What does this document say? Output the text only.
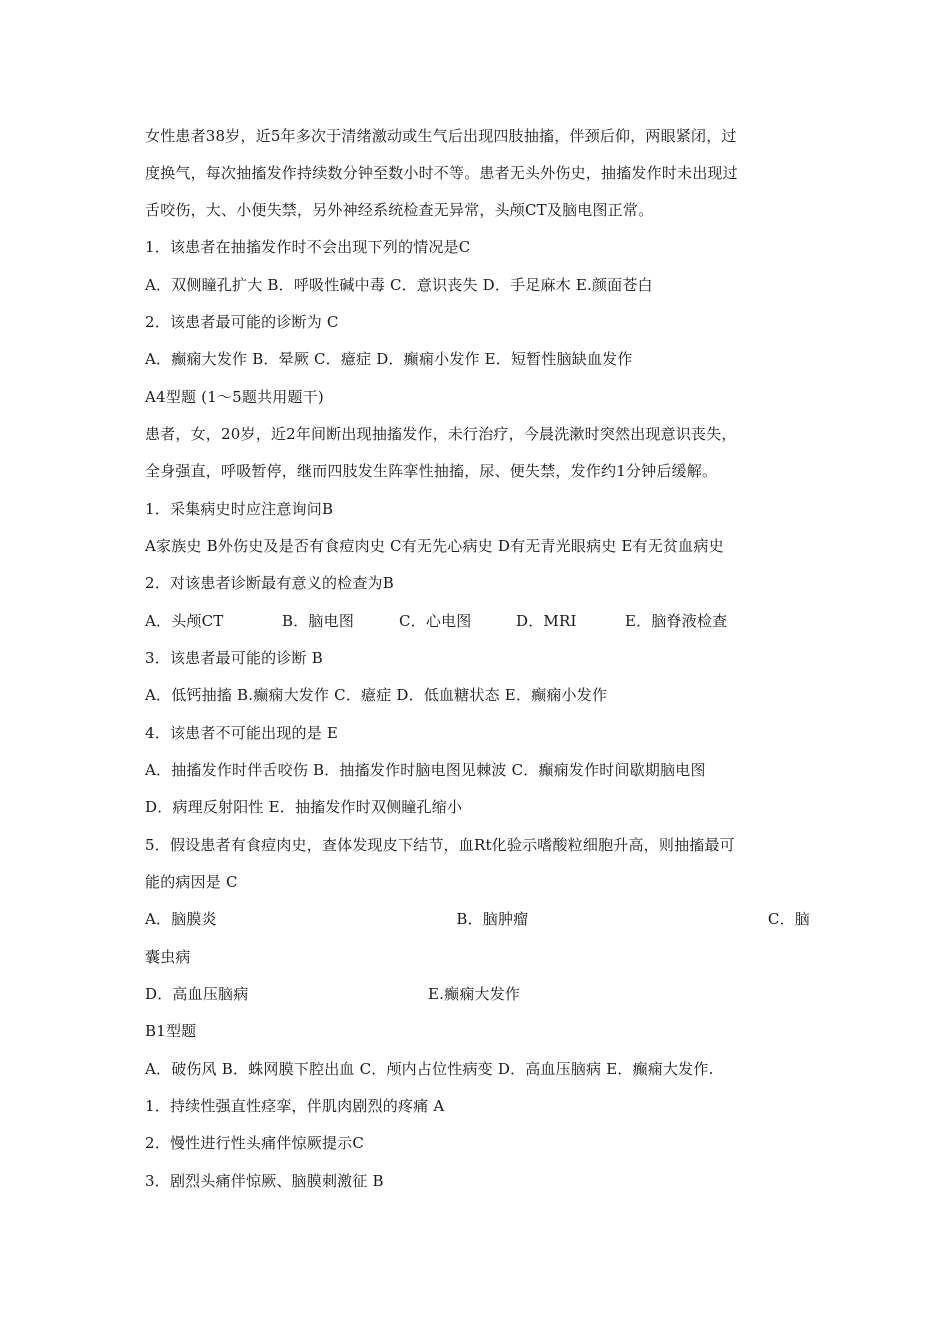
女性患者38岁，近5年多次于清绪激动或生气后出现四肢抽搐，伴颈后仰，两眼紧闭，过
度换气，每次抽搐发作持续数分钟至数小时不等。患者无头外伤史，抽搐发作时未出现过
舌咬伤，大、小便失禁，另外神经系统检查无异常，头颅CT及脑电图正常。
1．该患者在抽搐发作时不会出现下列的情况是C
A．双侧瞳孔扩大 B．呼吸性碱中毒 C．意识丧失 D．手足麻木 E.颜面苍白
2．该患者最可能的诊断为 C
A．癫痫大发作 B．晕厥 C．癔症 D．癫痫小发作 E．短暂性脑缺血发作
A4型题 (1～5题共用题干)
患者，女，20岁，近2年间断出现抽搐发作，未行治疗，今晨洗漱时突然出现意识丧失，
全身强直，呼吸暂停，继而四肢发生阵挛性抽搐，尿、便失禁，发作约1分钟后缓解。
1．采集病史时应注意询问B
A家族史 B外伤史及是否有食痘肉史 C有无先心病史 D有无青光眼病史 E有无贫血病史
2．对该患者诊断最有意义的检查为B
A．头颅CT	B．脑电图	C．心电图	D．MRI	E．脑脊液检查
3．该患者最可能的诊断 B
A．低钙抽搐 B.癫痫大发作 C．癔症 D．低血糖状态 E．癫痫小发作
4．该患者不可能出现的是 E
A．抽搐发作时伴舌咬伤 B．抽搐发作时脑电图见棘波 C．癫痫发作时间歇期脑电图
D．病理反射阳性 E．抽搐发作时双侧瞳孔缩小
5．假设患者有食痘肉史，查体发现皮下结节，血Rt化验示嗜酸粒细胞升高，则抽搐最可
能的病因是 C
A．脑膜炎	B．脑肿瘤	C．脑
囊虫病
D．高血压脑病	E.癫痫大发作
B1型题
A．破伤风 B．蛛网膜下腔出血 C．颅内占位性病变 D．高血压脑病 E．癫痫大发作.
1．持续性强直性痉挛，伴肌肉剧烈的疼痛 A
2．慢性进行性头痛伴惊厥提示C
3．剧烈头痛伴惊厥、脑膜刺激征 B
